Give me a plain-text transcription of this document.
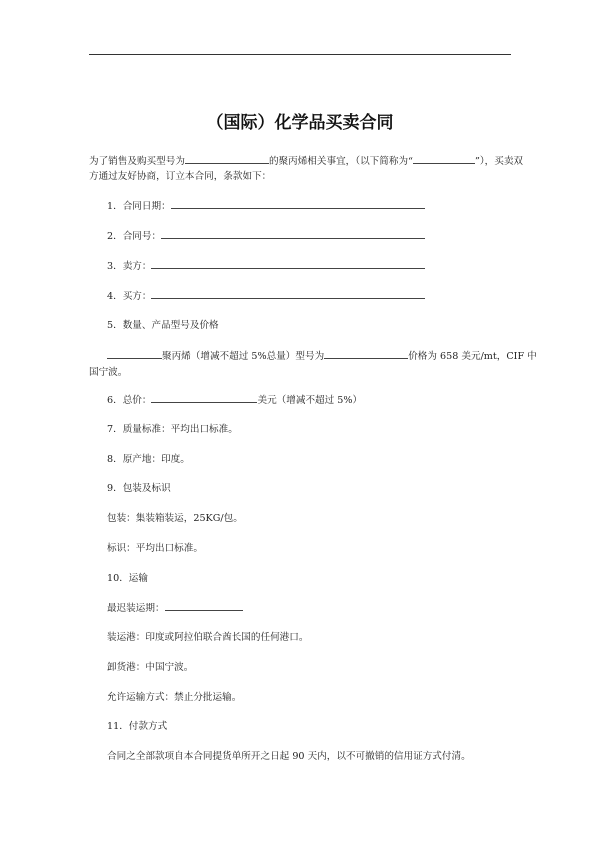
（国际）化学品买卖合同
为了销售及购买型号为	的聚丙烯相关事宜，（以下简称为“	”），买卖双
方通过友好协商，订立本合同，条款如下：
1．合同日期：
2．合同号：
3．卖方：
4．买方：
5．数量、产品型号及价格
聚丙烯（增减不超过 5%总量）型号为	价格为 658 美元/mt，CIF 中
国宁波。
6．总价：	美元（增减不超过 5%）
7．质量标准：平均出口标准。
8．原产地：印度。
9．包装及标识
包装：集装箱装运，25KG/包。
标识：平均出口标准。
10．运输
最迟装运期：
装运港：印度或阿拉伯联合酋长国的任何港口。
卸货港：中国宁波。
允许运输方式：禁止分批运输。
11．付款方式
合同之全部款项自本合同提货单所开之日起 90 天内，以不可撤销的信用证方式付清。
